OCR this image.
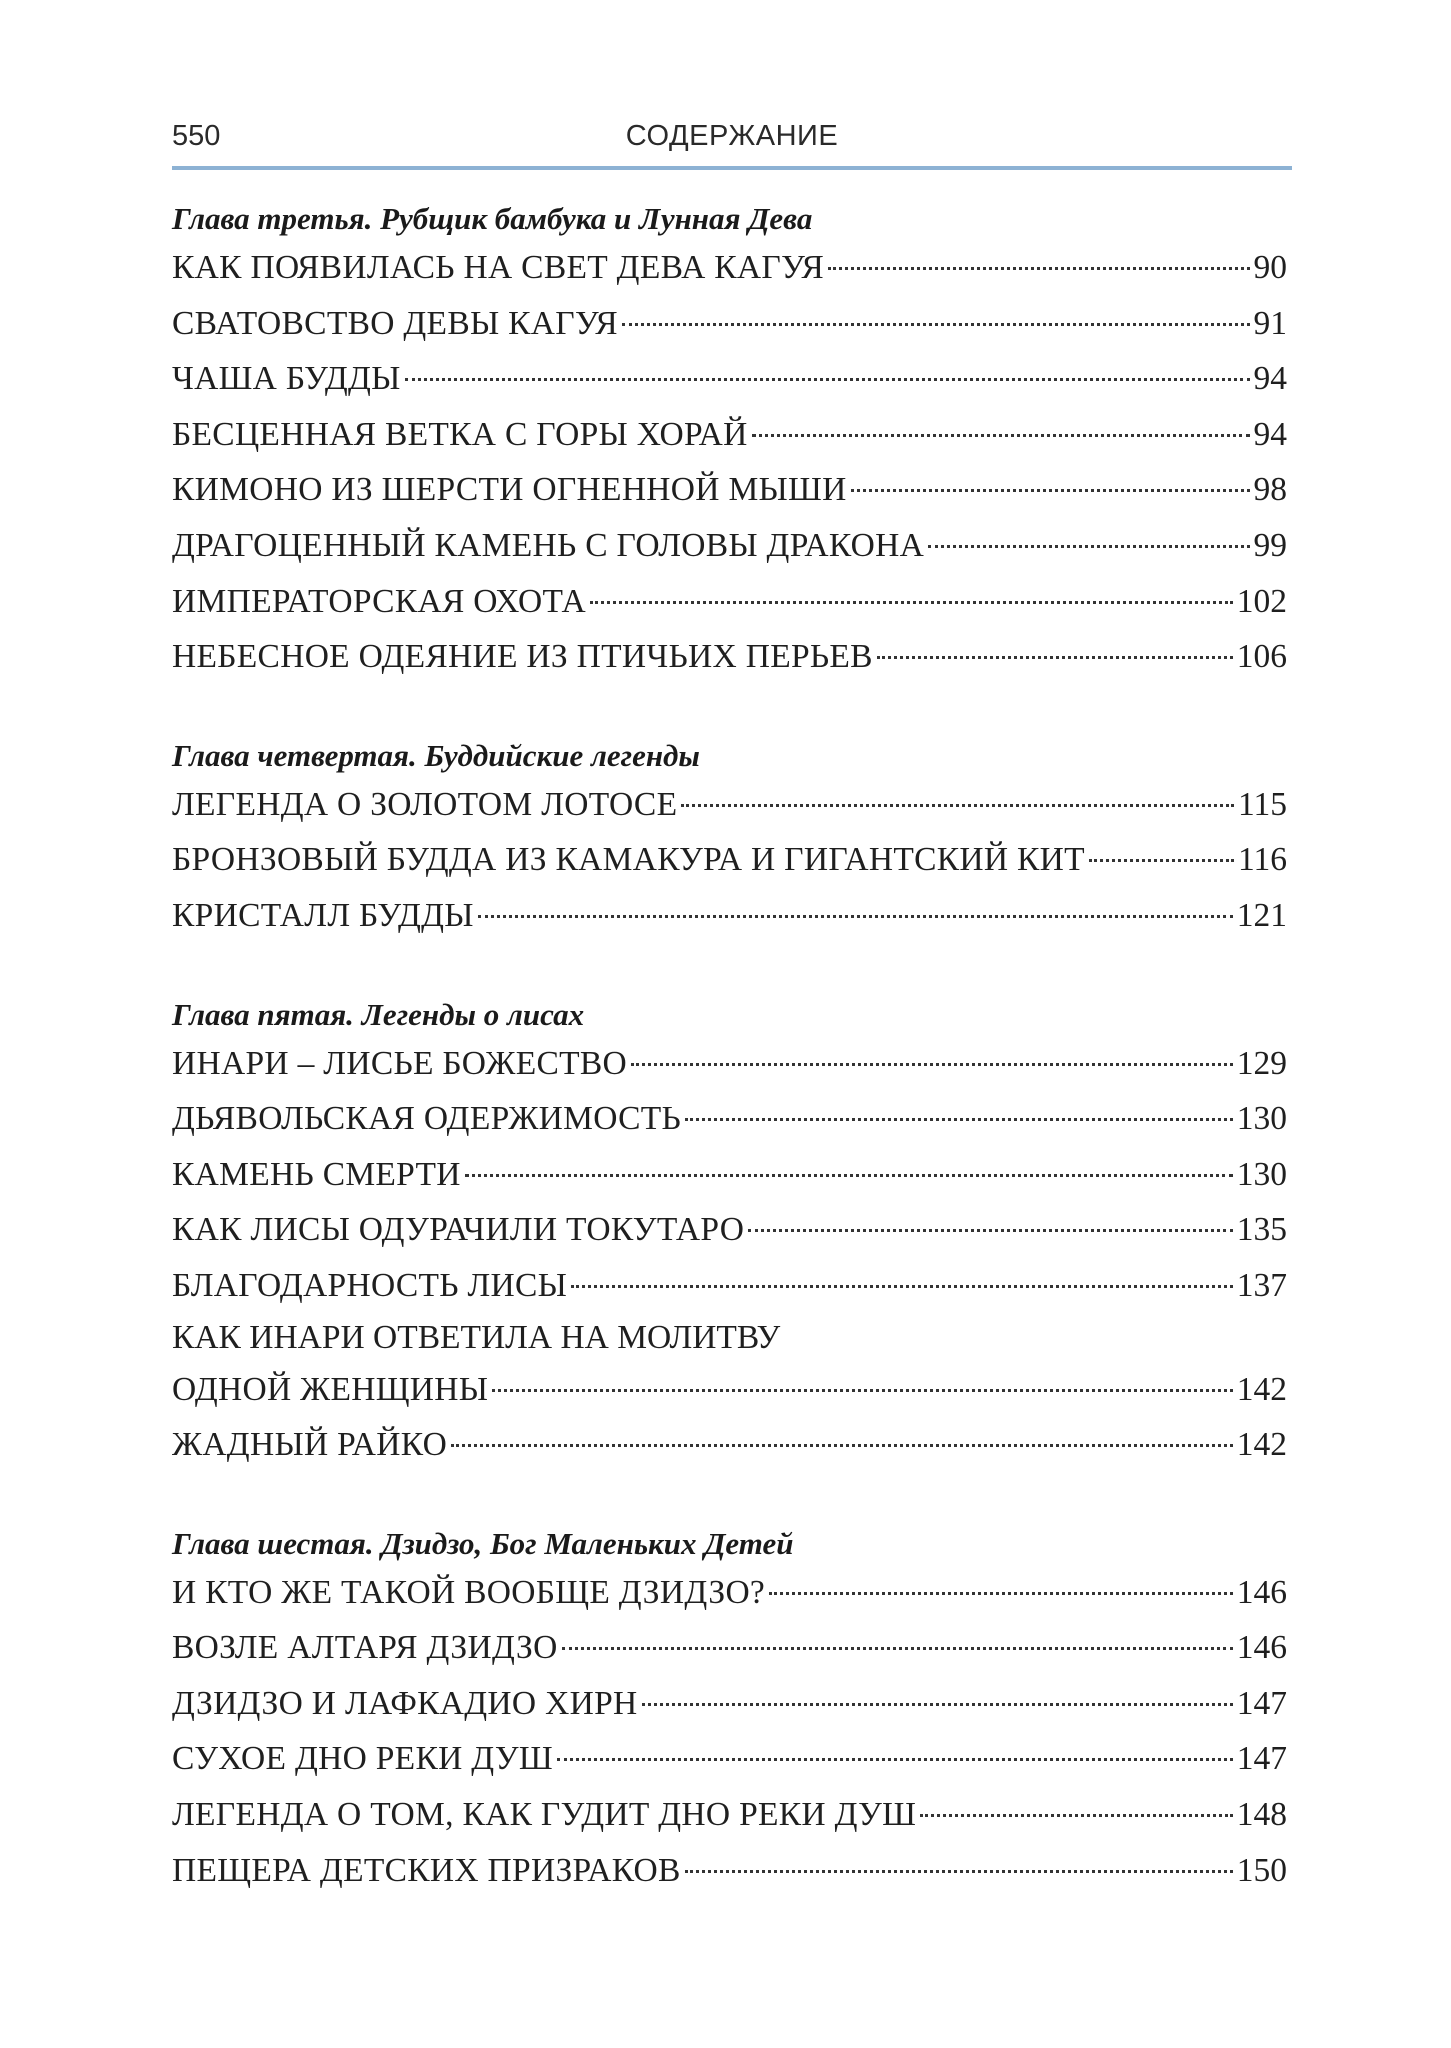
550	СОДЕРЖАНИЕ
Глава третья. Рубщик бамбука и Лунная Дева
КАК ПОЯВИЛАСЬ НА СВЕТ ДЕВА КАГУЯ	90
СВАТОВСТВО ДЕВЫ КАГУЯ	91
ЧАША БУДДЫ	94
БЕСЦЕННАЯ ВЕТКА С ГОРЫ ХОРАЙ	94
КИМОНО ИЗ ШЕРСТИ ОГНЕННОЙ МЫШИ	98
ДРАГОЦЕННЫЙ КАМЕНЬ С ГОЛОВЫ ДРАКОНА	99
ИМПЕРАТОРСКАЯ ОХОТА	102
НЕБЕСНОЕ ОДЕЯНИЕ ИЗ ПТИЧЬИХ ПЕРЬЕВ	106
Глава четвертая. Буддийские легенды
ЛЕГЕНДА О ЗОЛОТОМ ЛОТОСЕ	115
БРОНЗОВЫЙ БУДДА ИЗ КАМАКУРА И ГИГАНТСКИЙ КИТ	116
КРИСТАЛЛ БУДДЫ	121
Глава пятая. Легенды о лисах
ИНАРИ – ЛИСЬЕ БОЖЕСТВО	129
ДЬЯВОЛЬСКАЯ ОДЕРЖИМОСТЬ	130
КАМЕНЬ СМЕРТИ	130
КАК ЛИСЫ ОДУРАЧИЛИ ТОКУТАРО	135
БЛАГОДАРНОСТЬ ЛИСЫ	137
КАК ИНАРИ ОТВЕТИЛА НА МОЛИТВУ
ОДНОЙ ЖЕНЩИНЫ	142
ЖАДНЫЙ РАЙКО	142
Глава шестая. Дзидзо, Бог Маленьких Детей
И КТО ЖЕ ТАКОЙ ВООБЩЕ ДЗИДЗО?	146
ВОЗЛЕ АЛТАРЯ ДЗИДЗО	146
ДЗИДЗО И ЛАФКАДИО ХИРН	147
СУХОЕ ДНО РЕКИ ДУШ	147
ЛЕГЕНДА О ТОМ, КАК ГУДИТ ДНО РЕКИ ДУШ	148
ПЕЩЕРА ДЕТСКИХ ПРИЗРАКОВ	150
